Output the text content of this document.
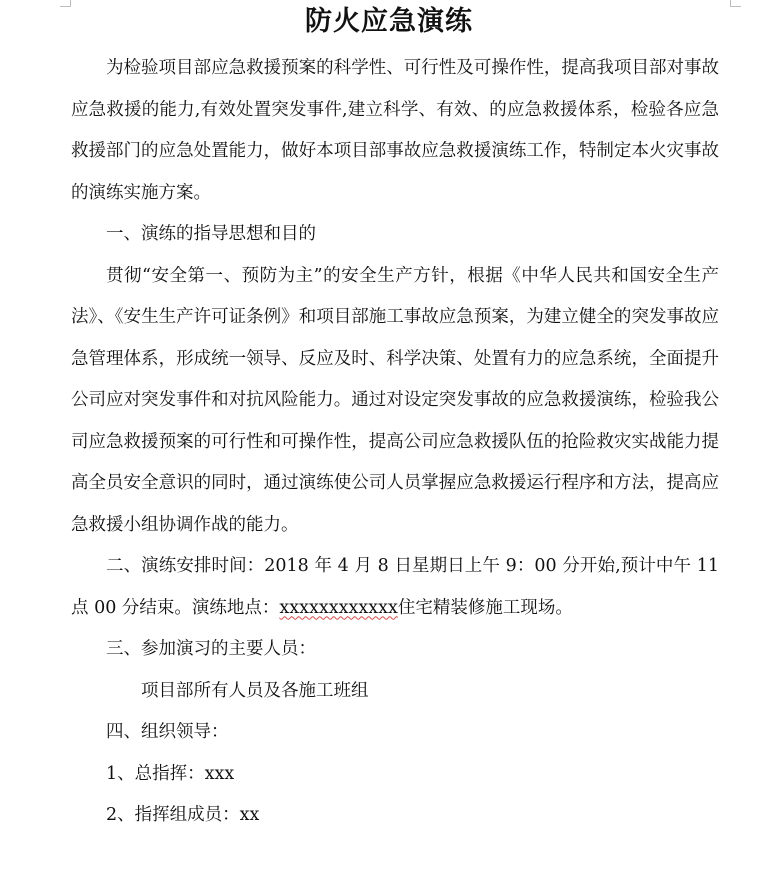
防火应急演练

为检验项目部应急救援预案的科学性、可行性及可操作性，提高我项目部对事故应急救援的能力,有效处置突发事件,建立科学、有效、的应急救援体系，检验各应急救援部门的应急处置能力，做好本项目部事故应急救援演练工作，特制定本火灾事故的演练实施方案。

一、演练的指导思想和目的

贯彻“安全第一、预防为主”的安全生产方针，根据《中华人民共和国安全生产法》、《安生生产许可证条例》和项目部施工事故应急预案，为建立健全的突发事故应急管理体系，形成统一领导、反应及时、科学决策、处置有力的应急系统，全面提升公司应对突发事件和对抗风险能力。通过对设定突发事故的应急救援演练，检验我公司应急救援预案的可行性和可操作性，提高公司应急救援队伍的抢险救灾实战能力提高全员安全意识的同时，通过演练使公司人员掌握应急救援运行程序和方法，提高应急救援小组协调作战的能力。

二、演练安排时间：2018 年 4 月 8 日星期日上午 9：00 分开始,预计中午 11 点 00 分结束。演练地点：xxxxxxxxxxxx住宅精装修施工现场。

三、参加演习的主要人员：

项目部所有人员及各施工班组

四、组织领导：

1、总指挥：xxx

2、指挥组成员：xx
